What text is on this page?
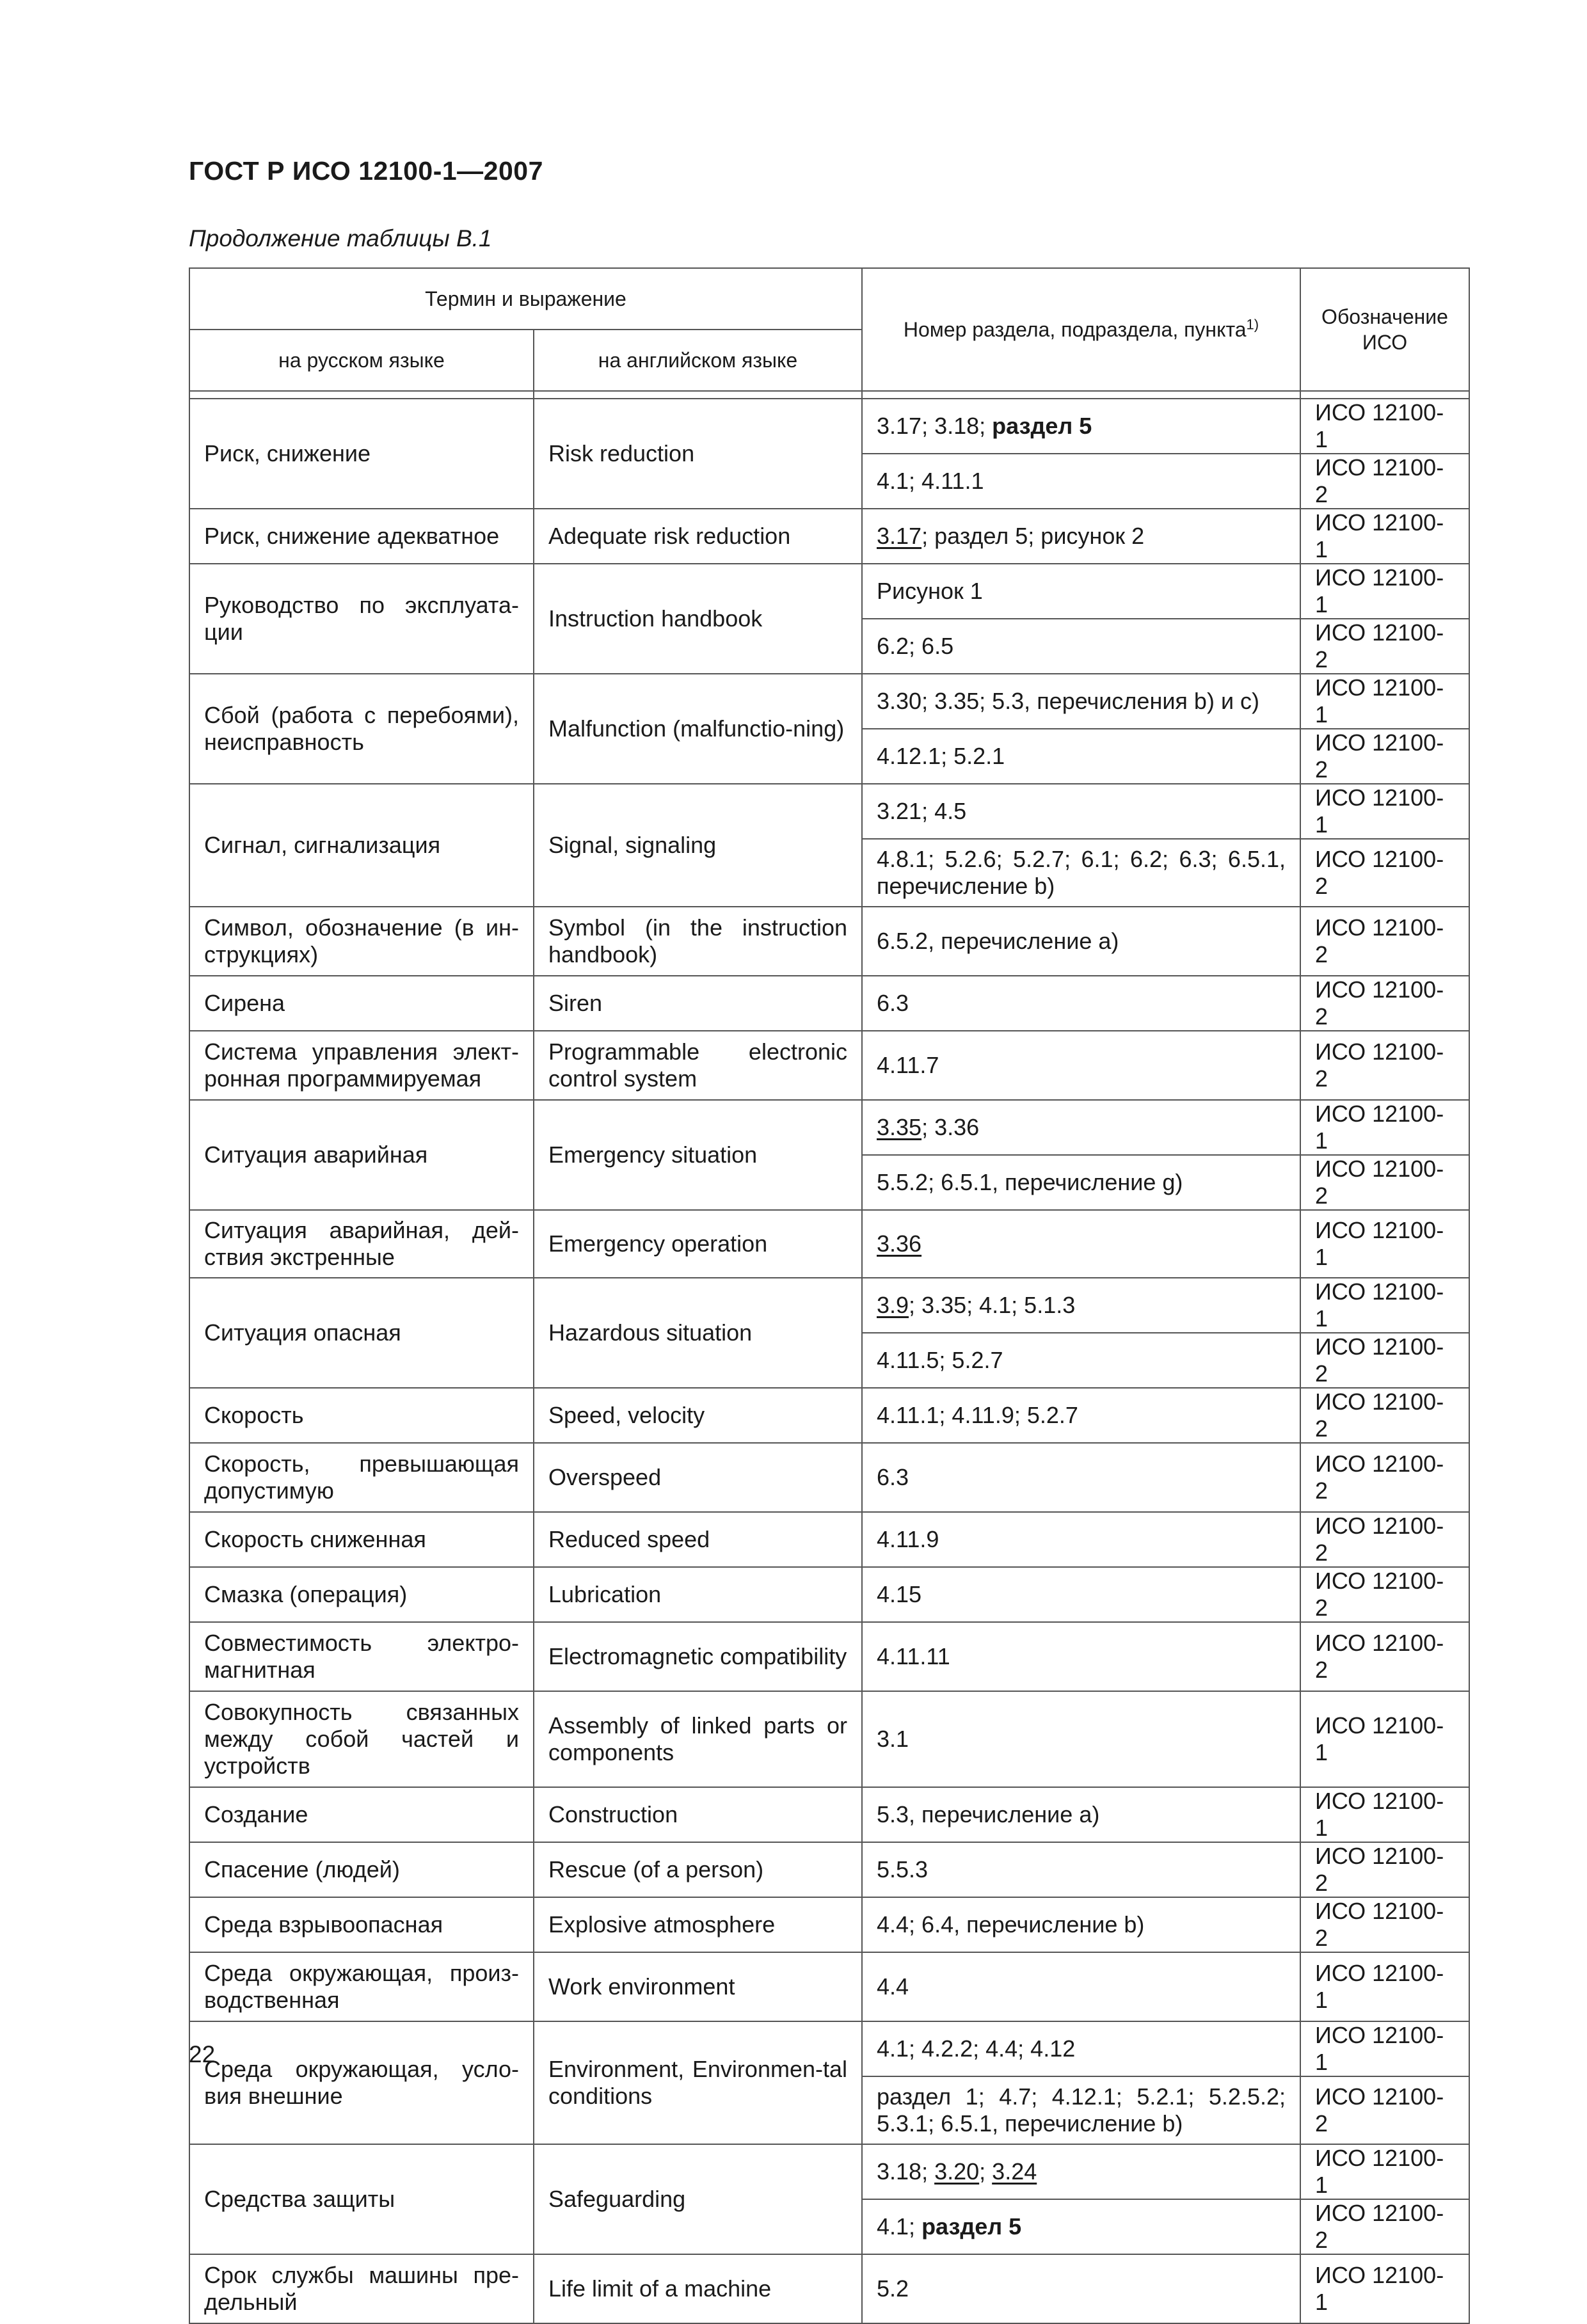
ГОСТ Р ИСО 12100-1—2007
Продолжение таблицы В.1
Термин и выражение		Номер раздела, подраздела, пункта$^{1)}$	Обозначение ИСО
на русском языке	на английском языке		

Риск, снижение	Risk reduction	3.17; 3.18; раздел 5	ИСО 12100-1
		4.1; 4.11.1	ИСО 12100-2
Риск, снижение адекватное	Adequate risk reduction	3.17; раздел 5; рисунок 2	ИСО 12100-1
Руководство по эксплуата-ции	Instruction handbook	Рисунок 1	ИСО 12100-1
		6.2; 6.5	ИСО 12100-2
Сбой (работа с перебоями), неисправность	Malfunction (malfunctio-ning)	3.30; 3.35; 5.3, перечисления b) и c)	ИСО 12100-1
		4.12.1; 5.2.1	ИСО 12100-2
Сигнал, сигнализация	Signal, signaling	3.21; 4.5	ИСО 12100-1
		4.8.1; 5.2.6; 5.2.7; 6.1; 6.2; 6.3; 6.5.1, перечисление b)	ИСО 12100-2
Символ, обозначение (в ин-струкциях)	Symbol (in the instruction handbook)	6.5.2, перечисление a)	ИСО 12100-2
Сирена	Siren	6.3	ИСО 12100-2
Система управления элект-ронная программируемая	Programmable electronic control system	4.11.7	ИСО 12100-2
Ситуация аварийная	Emergency situation	3.35; 3.36	ИСО 12100-1
		5.5.2; 6.5.1, перечисление g)	ИСО 12100-2
Ситуация аварийная, дей-ствия экстренные	Emergency operation	3.36	ИСО 12100-1
Ситуация опасная	Hazardous situation	3.9; 3.35; 4.1; 5.1.3	ИСО 12100-1
		4.11.5; 5.2.7	ИСО 12100-2
Скорость	Speed, velocity	4.11.1; 4.11.9; 5.2.7	ИСО 12100-2
Скорость, превышающая допустимую	Overspeed	6.3	ИСО 12100-2
Скорость сниженная	Reduced speed	4.11.9	ИСО 12100-2
Смазка (операция)	Lubrication	4.15	ИСО 12100-2
Совместимость электро-магнитная	Electromagnetic compatibility	4.11.11	ИСО 12100-2
Совокупность связанных между собой частей и устройств	Assembly of linked parts or components	3.1	ИСО 12100-1
Создание	Construction	5.3, перечисление a)	ИСО 12100-1
Спасение (людей)	Rescue (of a person)	5.5.3	ИСО 12100-2
Среда взрывоопасная	Explosive atmosphere	4.4; 6.4, перечисление b)	ИСО 12100-2
Среда окружающая, произ-водственная	Work environment	4.4	ИСО 12100-1
Среда окружающая, усло-вия внешние	Environment, Environmen-tal conditions	4.1; 4.2.2; 4.4; 4.12	ИСО 12100-1
		раздел 1; 4.7; 4.12.1; 5.2.1; 5.2.5.2; 5.3.1; 6.5.1, перечисление b)	ИСО 12100-2
Средства защиты	Safeguarding	3.18; 3.20; 3.24	ИСО 12100-1
		4.1; раздел 5	ИСО 12100-2
Срок службы машины пре-дельный	Life limit of a machine	5.2	ИСО 12100-1
22
